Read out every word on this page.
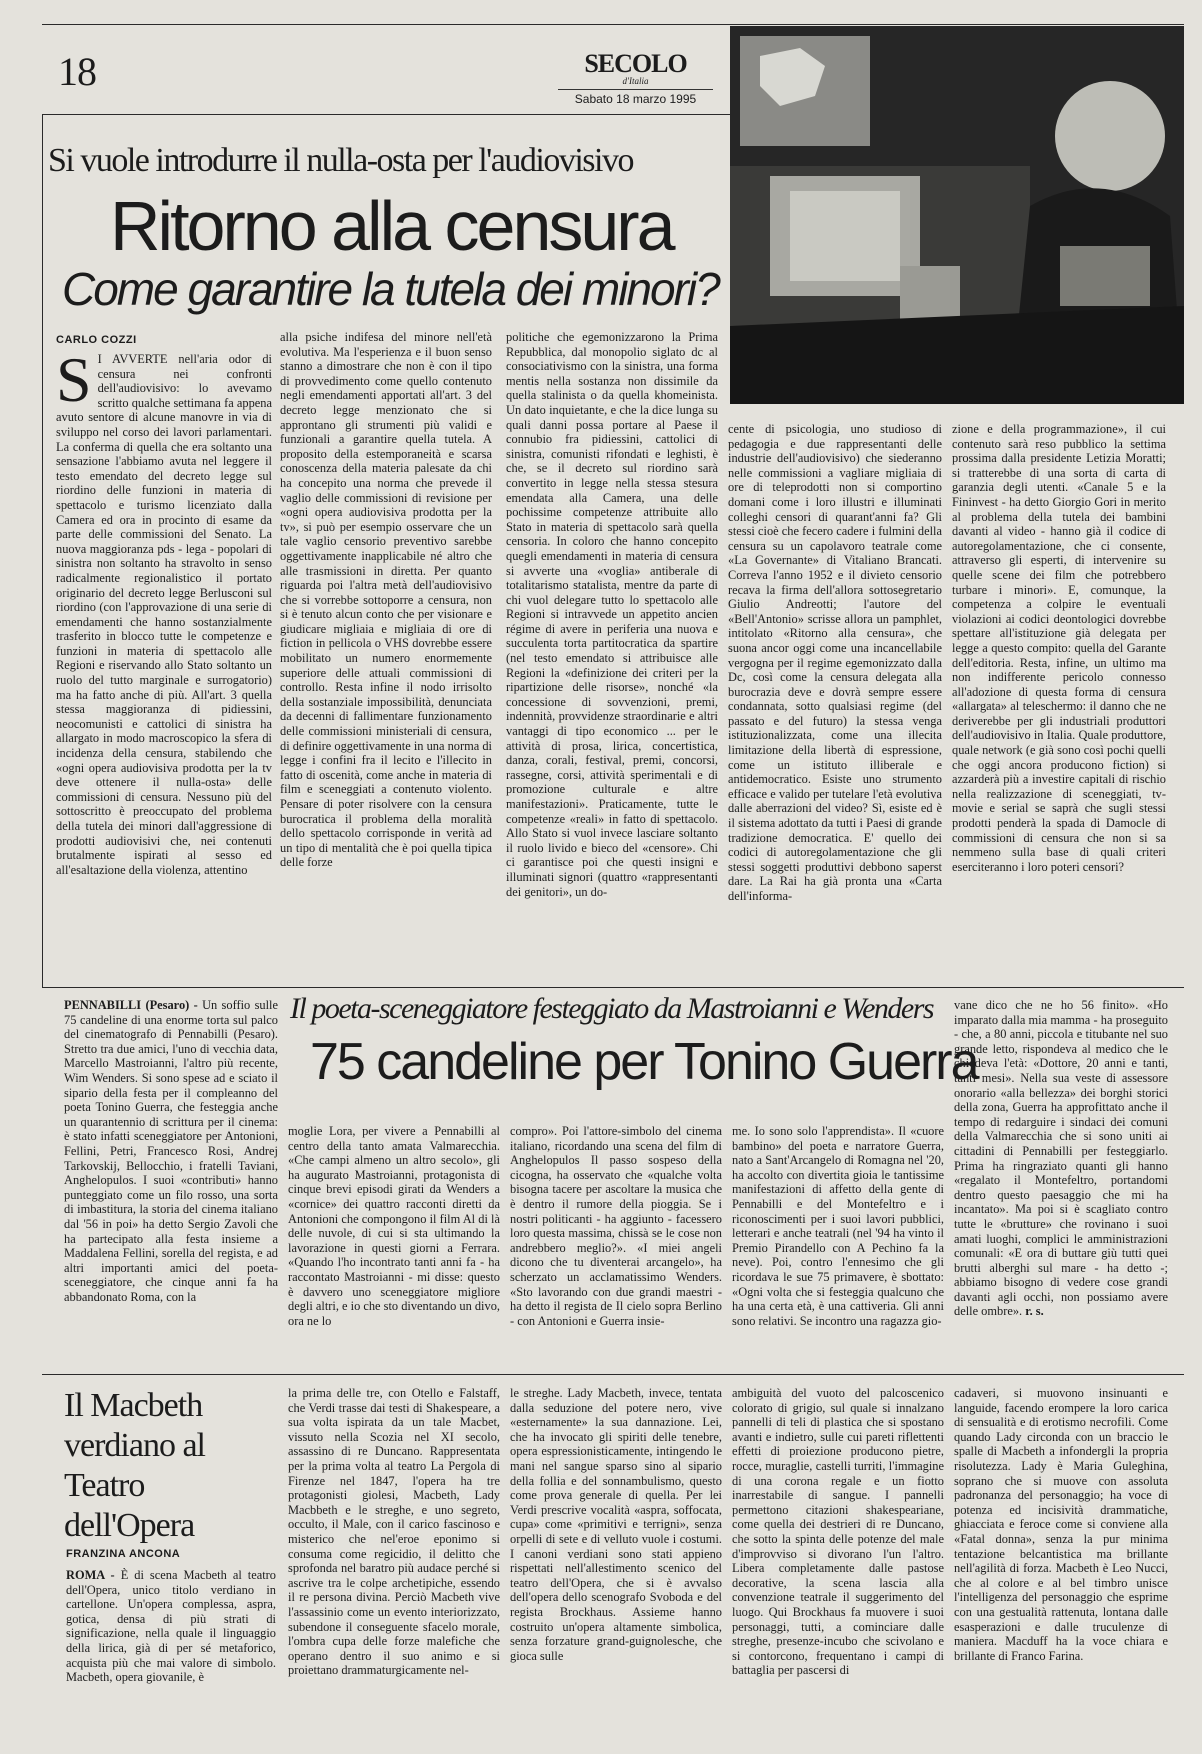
18	SECOLO
d'Italia
Sabato 18 marzo 1995
Si vuole introdurre il nulla-osta per l'audiovisivo
Ritorno alla censura
Come garantire la tutela dei minori?
CARLO COZZI

S I AVVERTE nell'aria odor di censura nei confronti dell'audiovisivo: lo avevamo scritto qualche settimana fa appena avuto sentore di alcune manovre in via di sviluppo nel corso dei lavori parlamentari. La conferma di quella che era soltanto una sensazione l'abbiamo avuta nel leggere il testo emendato del decreto legge sul riordino delle funzioni in materia di spettacolo e turismo licenziato dalla Camera ed ora in procinto di esame da parte delle commissioni del Senato. La nuova maggioranza pds - lega - popolari di sinistra non soltanto ha stravolto in senso radicalmente regionalistico il portato originario del decreto legge Berlusconi sul riordino (con l'approvazione di una serie di emendamenti che hanno sostanzialmente trasferito in blocco tutte le competenze e funzioni in materia di spettacolo alle Regioni e riservando allo Stato soltanto un ruolo del tutto marginale e surrogatorio) ma ha fatto anche di più. All'art. 3 quella stessa maggioranza di pidiessini, neocomunisti e cattolici di sinistra ha allargato in modo macroscopico la sfera di incidenza della censura, stabilendo che «ogni opera audiovisiva prodotta per la tv deve ottenere il nulla-osta» delle commissioni di censura. Nessuno più del sottoscritto è preoccupato del problema della tutela dei minori dall'aggressione di prodotti audiovisivi che, nei contenuti brutalmente ispirati al sesso ed all'esaltazione della violenza, attentino

alla psiche indifesa del minore nell'età evolutiva. Ma l'esperienza e il buon senso stanno a dimostrare che non è con il tipo di provvedimento come quello contenuto negli emendamenti apportati all'art. 3 del decreto legge menzionato che si approntano gli strumenti più validi e funzionali a garantire quella tutela. A proposito della estemporaneità e scarsa conoscenza della materia palesate da chi ha concepito una norma che prevede il vaglio delle commissioni di revisione per «ogni opera audiovisiva prodotta per la tv», si può per esempio osservare che un tale vaglio censorio preventivo sarebbe oggettivamente inapplicabile né altro che alle trasmissioni in diretta. Per quanto riguarda poi l'altra metà dell'audiovisivo che si vorrebbe sottoporre a censura, non si è tenuto alcun conto che per visionare e giudicare migliaia e migliaia di ore di fiction in pellicola o VHS dovrebbe essere mobilitato un numero enormemente superiore delle attuali commissioni di controllo. Resta infine il nodo irrisolto della sostanziale impossibilità, denunciata da decenni di fallimentare funzionamento delle commissioni ministeriali di censura, di definire oggettivamente in una norma di legge i confini fra il lecito e l'illecito in fatto di oscenità, come anche in materia di film e sceneggiati a contenuto violento. Pensare di poter risolvere con la censura burocratica il problema della moralità dello spettacolo corrisponde in verità ad un tipo di mentalità che è poi quella tipica delle forze

politiche che egemonizzarono la Prima Repubblica, dal monopolio siglato dc al consociativismo con la sinistra, una forma mentis nella sostanza non dissimile da quella stalinista o da quella khomeinista. Un dato inquietante, e che la dice lunga su quali danni possa portare al Paese il connubio fra pidiessini, cattolici di sinistra, comunisti rifondati e leghisti, è che, se il decreto sul riordino sarà convertito in legge nella stessa stesura emendata alla Camera, una delle pochissime competenze attribuite allo Stato in materia di spettacolo sarà quella censoria. In coloro che hanno concepito quegli emendamenti in materia di censura si avverte una «voglia» antiberale di totalitarismo statalista, mentre da parte di chi vuol delegare tutto lo spettacolo alle Regioni si intravvede un appetito ancien régime di avere in periferia una nuova e succulenta torta partitocratica da spartire (nel testo emendato si attribuisce alle Regioni la «definizione dei criteri per la ripartizione delle risorse», nonché «la concessione di sovvenzioni, premi, indennità, provvidenze straordinarie e altri vantaggi di tipo economico ... per le attività di prosa, lirica, concertistica, danza, corali, festival, premi, concorsi, rassegne, corsi, attività sperimentali e di promozione culturale e altre manifestazioni». Praticamente, tutte le competenze «reali» in fatto di spettacolo. Allo Stato si vuol invece lasciare soltanto il ruolo livido e bieco del «censore». Chi ci garantisce poi che questi insigni e illuminati signori (quattro «rappresentanti dei genitori», un do-

cente di psicologia, uno studioso di pedagogia e due rappresentanti delle industrie dell'audiovisivo) che siederanno nelle commissioni a vagliare migliaia di ore di teleprodotti non si comportino domani come i loro illustri e illuminati colleghi censori di quarant'anni fa? Gli stessi cioè che fecero cadere i fulmini della censura su un capolavoro teatrale come «La Governante» di Vitaliano Brancati. Correva l'anno 1952 e il divieto censorio recava la firma dell'allora sottosegretario Giulio Andreotti; l'autore del «Bell'Antonio» scrisse allora un pamphlet, intitolato «Ritorno alla censura», che suona ancor oggi come una incancellabile vergogna per il regime egemonizzato dalla Dc, così come la censura delegata alla burocrazia deve e dovrà sempre essere condannata, sotto qualsiasi regime (del passato e del futuro) la stessa venga istituzionalizzata, come una illecita limitazione della libertà di espressione, come un istituto illiberale e antidemocratico. Esiste uno strumento efficace e valido per tutelare l'età evolutiva dalle aberrazioni del video? Sì, esiste ed è il sistema adottato da tutti i Paesi di grande tradizione democratica. E' quello dei codici di autoregolamentazione che gli stessi soggetti produttivi debbono saperst dare. La Rai ha già pronta una «Carta dell'informa-

zione e della programmazione», il cui contenuto sarà reso pubblico la settima prossima dalla presidente Letizia Moratti; si tratterebbe di una sorta di carta di garanzia degli utenti. «Canale 5 e la Fininvest - ha detto Giorgio Gori in merito al problema della tutela dei bambini davanti al video - hanno già il codice di autoregolamentazione, che ci consente, attraverso gli esperti, di intervenire su quelle scene dei film che potrebbero turbare i minori». E, comunque, la competenza a colpire le eventuali violazioni ai codici deontologici dovrebbe spettare all'istituzione già delegata per legge a questo compito: quella del Garante dell'editoria. Resta, infine, un ultimo ma non indifferente pericolo connesso all'adozione di questa forma di censura «allargata» al teleschermo: il danno che ne deriverebbe per gli industriali produttori dell'audiovisivo in Italia. Quale produttore, quale network (e già sono così pochi quelli che oggi ancora producono fiction) si azzarderà più a investire capitali di rischio nella realizzazione di sceneggiati, tv-movie e serial se saprà che sugli stessi prodotti penderà la spada di Damocle di commissioni di censura che non si sa nemmeno sulla base di quali criteri eserciteranno i loro poteri censori?

Il poeta-sceneggiatore festeggiato da Mastroianni e Wenders
75 candeline per Tonino Guerra

PENNABILLI (Pesaro) - Un soffio sulle 75 candeline di una enorme torta sul palco del cinematografo di Pennabilli (Pesaro). Stretto tra due amici, l'uno di vecchia data, Marcello Mastroianni, l'altro più recente, Wim Wenders. Si sono spese ad e sciato il sipario della festa per il compleanno del poeta Tonino Guerra, che festeggia anche un quarantennio di scrittura per il cinema: è stato infatti sceneggiatore per Antonioni, Fellini, Petri, Francesco Rosi, Andrej Tarkovskij, Bellocchio, i fratelli Taviani, Anghelopulos. I suoi «contributi» hanno punteggiato come un filo rosso, una sorta di imbastitura, la storia del cinema italiano dal '56 in poi» ha detto Sergio Zavoli che ha partecipato alla festa insieme a Maddalena Fellini, sorella del regista, e ad altri importanti amici del poeta-sceneggiatore, che cinque anni fa ha abbandonato Roma, con la

moglie Lora, per vivere a Pennabilli al centro della tanto amata Valmarecchia. «Che campi almeno un altro secolo», gli ha augurato Mastroianni, protagonista di cinque brevi episodi girati da Wenders a «cornice» dei quattro racconti diretti da Antonioni che compongono il film Al di là delle nuvole, di cui si sta ultimando la lavorazione in questi giorni a Ferrara. «Quando l'ho incontrato tanti anni fa - ha raccontato Mastroianni - mi disse: questo è davvero uno sceneggiatore migliore degli altri, e io che sto diventando un divo, ora ne lo

compro». Poi l'attore-simbolo del cinema italiano, ricordando una scena del film di Anghelopulos Il passo sospeso della cicogna, ha osservato che «qualche volta bisogna tacere per ascoltare la musica che è dentro il rumore della pioggia. Se i nostri politicanti - ha aggiunto - facessero loro questa massima, chissà se le cose non andrebbero meglio?». «I miei angeli dicono che tu diventerai arcangelo», ha scherzato un acclamatissimo Wenders. «Sto lavorando con due grandi maestri - ha detto il regista de Il cielo sopra Berlino - con Antonioni e Guerra insie-

me. Io sono solo l'apprendista». Il «cuore bambino» del poeta e narratore Guerra, nato a Sant'Arcangelo di Romagna nel '20, ha accolto con divertita gioia le tantissime manifestazioni di affetto della gente di Pennabilli e del Montefeltro e i riconoscimenti per i suoi lavori pubblici, letterari e anche teatrali (nel '94 ha vinto il Premio Pirandello con A Pechino fa la neve). Poi, contro l'ennesimo che gli ricordava le sue 75 primavere, è sbottato: «Ogni volta che si festeggia qualcuno che ha una certa età, è una cattiveria. Gli anni sono relativi. Se incontro una ragazza gio-

vane dico che ne ho 56 finito». «Ho imparato dalla mia mamma - ha proseguito - che, a 80 anni, piccola e titubante nel suo grande letto, rispondeva al medico che le chiedeva l'età: «Dottore, 20 anni e tanti, tanti mesi». Nella sua veste di assessore onorario «alla bellezza» dei borghi storici della zona, Guerra ha approfittato anche il tempo di redarguire i sindaci dei comuni della Valmarecchia che si sono uniti ai cittadini di Pennabilli per festeggiarlo. Prima ha ringraziato quanti gli hanno «regalato il Montefeltro, portandomi dentro questo paesaggio che mi ha incantato». Ma poi si è scagliato contro tutte le «brutture» che rovinano i suoi amati luoghi, complici le amministrazioni comunali: «E ora di buttare giù tutti quei brutti alberghi sul mare - ha detto -; abbiamo bisogno di vedere cose grandi davanti agli occhi, non possiamo avere delle ombre». r. s.

Il Macbeth verdiano al Teatro dell'Opera
FRANZINA ANCONA

ROMA - È di scena Macbeth al teatro dell'Opera, unico titolo verdiano in cartellone. Un'opera complessa, aspra, gotica, densa di più strati di significazione, nella quale il linguaggio della lirica, già di per sé metaforico, acquista più che mai valore di simbolo. Macbeth, opera giovanile, è

la prima delle tre, con Otello e Falstaff, che Verdi trasse dai testi di Shakespeare, a sua volta ispirata da un tale Macbet, vissuto nella Scozia nel XI secolo, assassino di re Duncano. Rappresentata per la prima volta al teatro La Pergola di Firenze nel 1847, l'opera ha tre protagonisti giolesi, Macbeth, Lady Macbbeth e le streghe, e uno segreto, occulto, il Male, con il carico fascinoso e misterico che nel'eroe eponimo si consuma come regicidio, il delitto che sprofonda nel baratro più audace perché si ascrive tra le colpe archetipiche, essendo il re persona divina. Perciò Macbeth vive l'assassinio come un evento interiorizzato, subendone il conseguente sfacelo morale, l'ombra cupa delle forze malefiche che operano dentro il suo animo e si proiettano drammaturgicamente nel-

le streghe. Lady Macbeth, invece, tentata dalla seduzione del potere nero, vive «esternamente» la sua dannazione. Lei, che ha invocato gli spiriti delle tenebre, opera espressionisticamente, intingendo le mani nel sangue sparso sino al sipario della follia e del sonnambulismo, questo come prova generale di quella. Per lei Verdi prescrive vocalità «aspra, soffocata, cupa» come «primitivi e terrigni», senza orpelli di sete e di velluto vuole i costumi. I canoni verdiani sono stati appieno rispettati nell'allestimento scenico del teatro dell'Opera, che si è avvalso dell'opera dello scenografo Svoboda e del regista Brockhaus. Assieme hanno costruito un'opera altamente simbolica, senza forzature grand-guignolesche, che gioca sulle

ambiguità del vuoto del palcoscenico colorato di grigio, sul quale si innalzano pannelli di teli di plastica che si spostano avanti e indietro, sulle cui pareti riflettenti effetti di proiezione producono pietre, rocce, muraglie, castelli turriti, l'immagine di una corona regale e un fiotto inarrestabile di sangue. I pannelli permettono citazioni shakespeariane, come quella dei destrieri di re Duncano, che sotto la spinta delle potenze del male d'improvviso si divorano l'un l'altro. Libera completamente dalle pastose decorative, la scena lascia alla convenzione teatrale il suggerimento del luogo. Qui Brockhaus fa muovere i suoi personaggi, tutti, a cominciare dalle streghe, presenze-incubo che scivolano e si contorcono, frequentano i campi di battaglia per pascersi di

cadaveri, si muovono insinuanti e languide, facendo erompere la loro carica di sensualità e di erotismo necrofili. Come quando Lady circonda con un braccio le spalle di Macbeth a infondergli la propria risolutezza. Lady è Maria Guleghina, soprano che si muove con assoluta padronanza del personaggio; ha voce di potenza ed incisività drammatiche, ghiacciata e feroce come si conviene alla «Fatal donna», senza la pur minima tentazione belcantistica ma brillante nell'agilità di forza. Macbeth è Leo Nucci, che al colore e al bel timbro unisce l'intelligenza del personaggio che esprime con una gestualità rattenuta, lontana dalle esasperazioni e dalle truculenze di maniera. Macduff ha la voce chiara e brillante di Franco Farina.
